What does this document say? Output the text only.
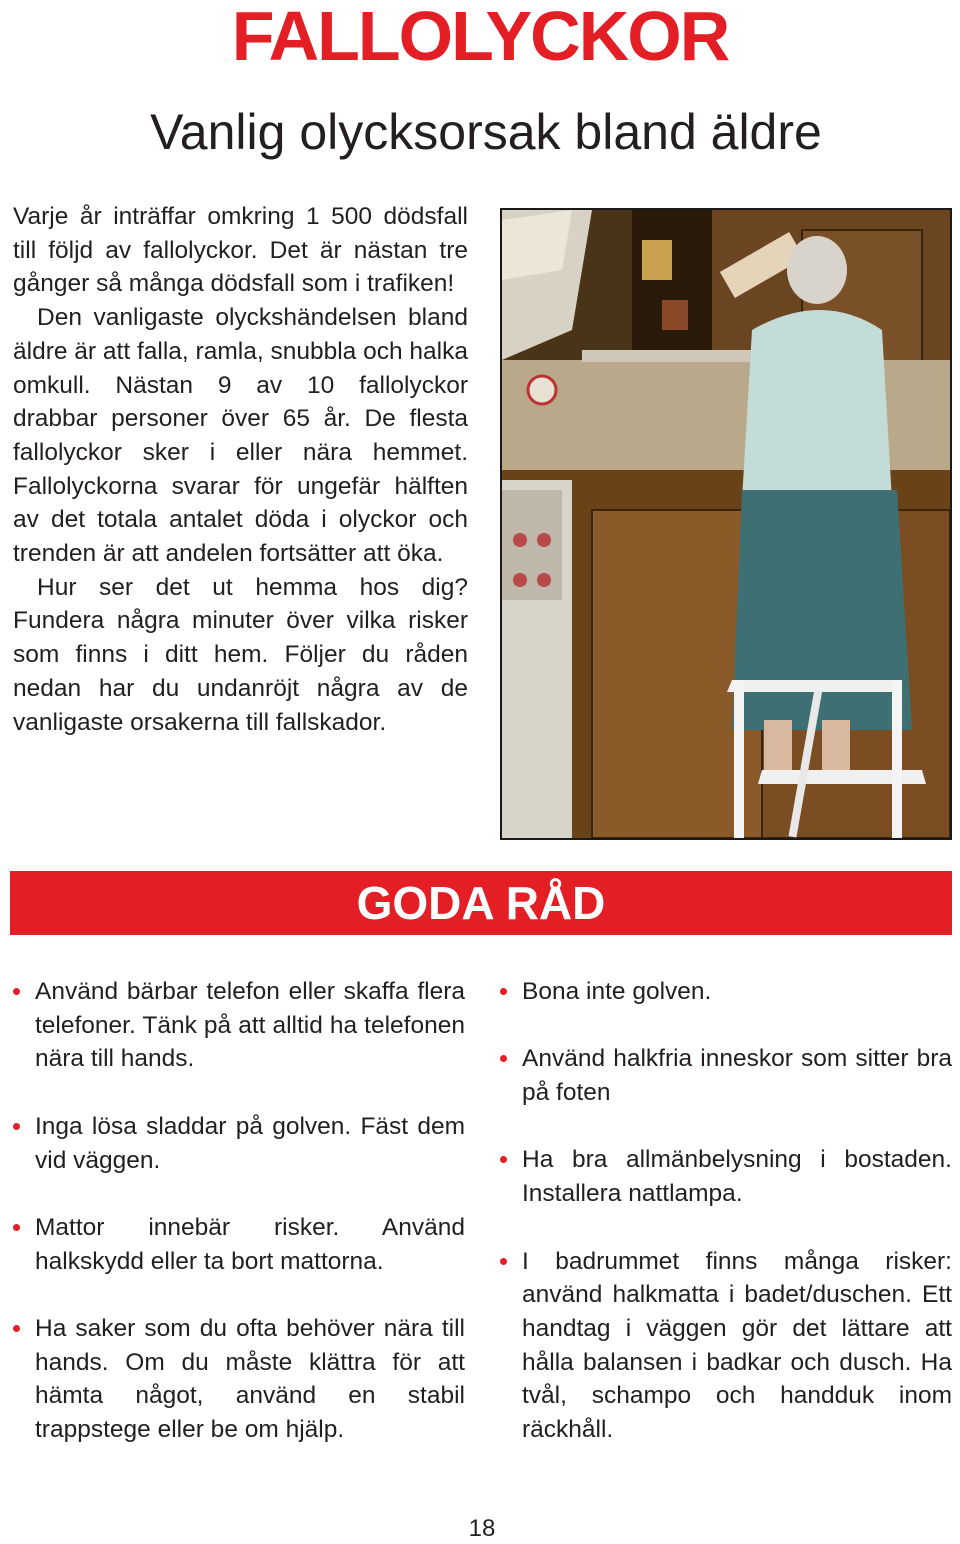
FALLOLYCKOR
Vanlig olycksorsak bland äldre

Varje år inträffar omkring 1 500 dödsfall till följd av fallolyckor. Det är nästan tre gånger så många dödsfall som i trafiken!

Den vanligaste olyckshändelsen bland äldre är att falla, ramla, snubbla och halka omkull. Nästan 9 av 10 fallolyckor drabbar personer över 65 år. De flesta fallolyckor sker i eller nära hemmet. Fallolyckorna svarar för ungefär hälften av det totala antalet döda i olyckor och trenden är att andelen fortsätter att öka.

Hur ser det ut hemma hos dig? Fundera några minuter över vilka risker som finns i ditt hem. Följer du råden nedan har du undanröjt några av de vanligaste orsakerna till fallskador.

GODA RÅD
Använd bärbar telefon eller skaffa flera telefoner. Tänk på att alltid ha telefonen nära till hands.
Inga lösa sladdar på golven. Fäst dem vid väggen.
Mattor innebär risker. Använd halkskydd eller ta bort mattorna.
Ha saker som du ofta behöver nära till hands. Om du måste klättra för att hämta något, använd en stabil trappstege eller be om hjälp.
Bona inte golven.
Använd halkfria inneskor som sitter bra på foten
Ha bra allmänbelysning i bostaden. Installera nattlampa.
I badrummet finns många risker: använd halkmatta i badet/duschen. Ett handtag i väggen gör det lättare att hålla balansen i badkar och dusch. Ha tvål, schampo och handduk inom räckhåll.
18
